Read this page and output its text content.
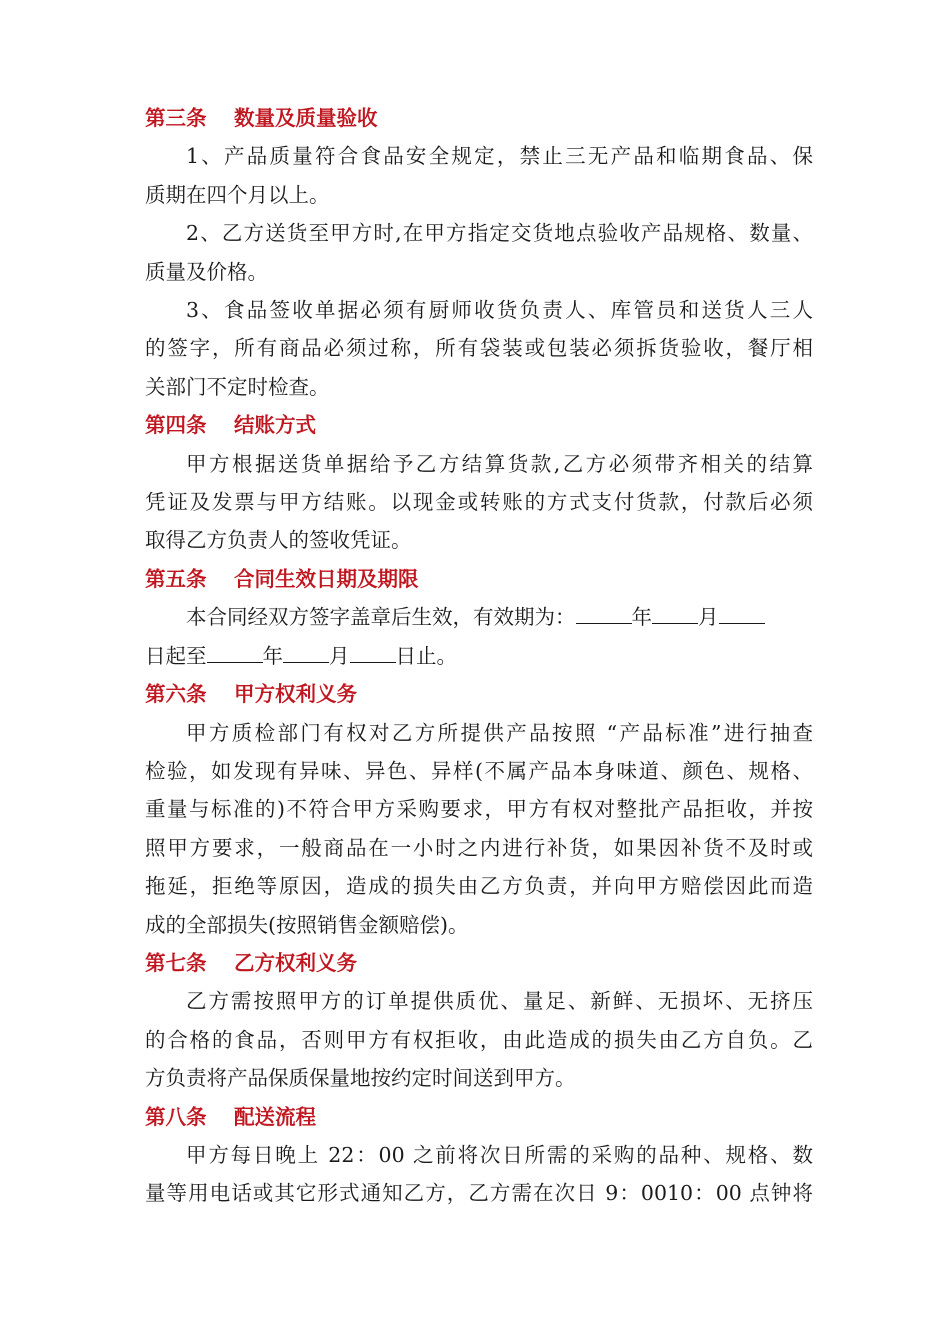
第三条 数量及质量验收
1、产品质量符合食品安全规定，禁止三无产品和临期食品、保
质期在四个月以上。
2、乙方送货至甲方时,在甲方指定交货地点验收产品规格、数量、
质量及价格。
3、食品签收单据必须有厨师收货负责人、库管员和送货人三人
的签字，所有商品必须过称，所有袋装或包装必须拆货验收，餐厅相
关部门不定时检查。
第四条 结账方式
甲方根据送货单据给予乙方结算货款,乙方必须带齐相关的结算
凭证及发票与甲方结账。以现金或转账的方式支付货款，付款后必须
取得乙方负责人的签收凭证。
第五条 合同生效日期及期限
本合同经双方签字盖章后生效，有效期为：	年 月
日起至	年 月 日止。
第六条 甲方权利义务
甲方质检部门有权对乙方所提供产品按照 “产品标准”进行抽查
检验，如发现有异味、异色、异样(不属产品本身味道、颜色、规格、
重量与标准的)不符合甲方采购要求，甲方有权对整批产品拒收，并按
照甲方要求，一般商品在一小时之内进行补货，如果因补货不及时或
拖延，拒绝等原因，造成的损失由乙方负责，并向甲方赔偿因此而造
成的全部损失(按照销售金额赔偿)。
第七条 乙方权利义务
乙方需按照甲方的订单提供质优、量足、新鲜、无损坏、无挤压
的合格的食品，否则甲方有权拒收，由此造成的损失由乙方自负。乙
方负责将产品保质保量地按约定时间送到甲方。
第八条 配送流程
甲方每日晚上 22：00 之前将次日所需的采购的品种、规格、数
量等用电话或其它形式通知乙方，乙方需在次日 9：0010：00 点钟将
